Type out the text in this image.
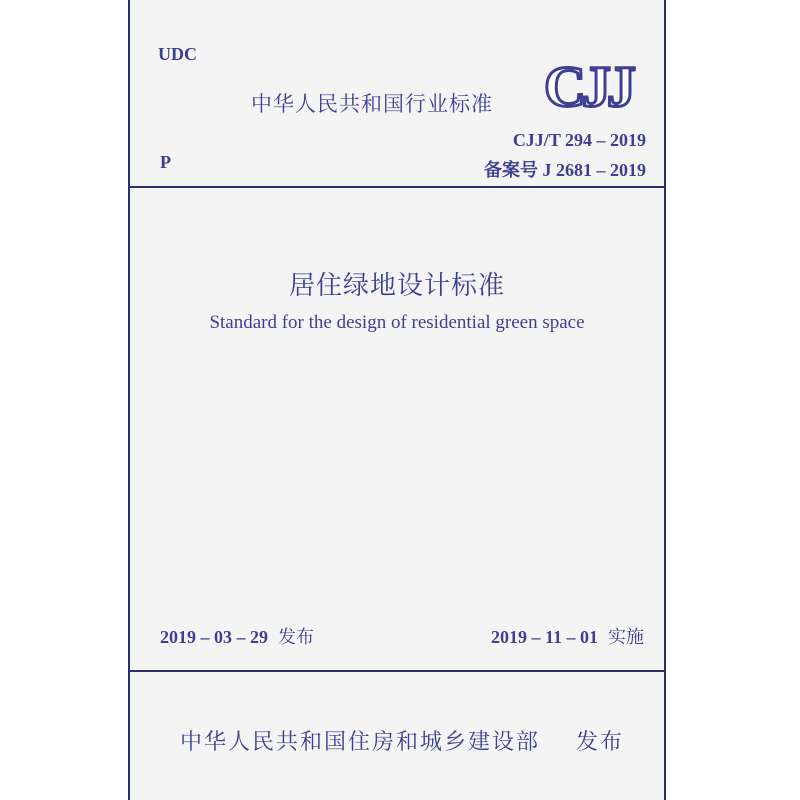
UDC
中华人民共和国行业标准 CJJ
CJJ/T 294 – 2019
P	备案号 J 2681 – 2019
居住绿地设计标准
Standard for the design of residential green space
2019 – 03 – 29 发布	2019 – 11 – 01 实施
中华人民共和国住房和城乡建设部 发布
